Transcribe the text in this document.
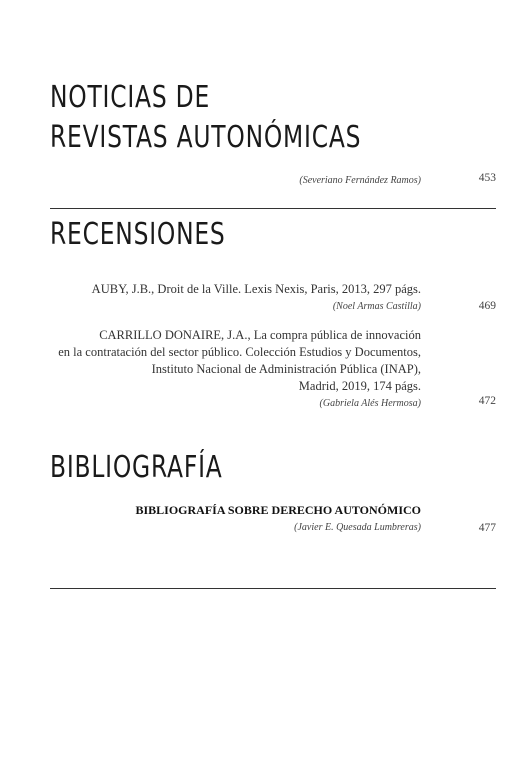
NOTICIAS DE
REVISTAS AUTONÓMICAS
(Severiano Fernández Ramos)	453
RECENSIONES
AUBY, J.B., Droit de la Ville. Lexis Nexis, Paris, 2013, 297 págs.
(Noel Armas Castilla)	469
CARRILLO DONAIRE, J.A., La compra pública de innovación
en la contratación del sector público. Colección Estudios y Documentos,
Instituto Nacional de Administración Pública (INAP),
Madrid, 2019, 174 págs.
(Gabriela Alés Hermosa)	472
BIBLIOGRAFÍA
BIBLIOGRAFÍA SOBRE DERECHO AUTONÓMICO
(Javier E. Quesada Lumbreras)	477
